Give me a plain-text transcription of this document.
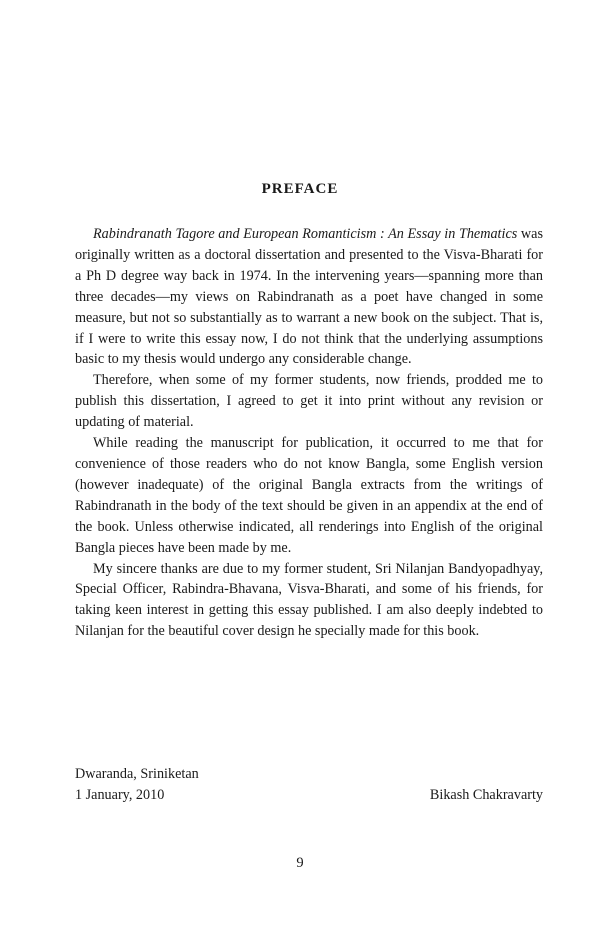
PREFACE

Rabindranath Tagore and European Romanticism : An Essay in Thematics was originally written as a doctoral dissertation and presented to the Visva-Bharati for a Ph D degree way back in 1974. In the intervening years—spanning more than three decades—my views on Rabindranath as a poet have changed in some measure, but not so substantially as to warrant a new book on the subject. That is, if I were to write this essay now, I do not think that the underlying assumptions basic to my thesis would undergo any considerable change.

Therefore, when some of my former students, now friends, prodded me to publish this dissertation, I agreed to get it into print without any revision or updating of material.

While reading the manuscript for publication, it occurred to me that for convenience of those readers who do not know Bangla, some English version (however inadequate) of the original Bangla extracts from the writings of Rabindranath in the body of the text should be given in an appendix at the end of the book. Unless otherwise indicated, all renderings into English of the original Bangla pieces have been made by me.

My sincere thanks are due to my former student, Sri Nilanjan Bandyopadhyay, Special Officer, Rabindra-Bhavana, Visva-Bharati, and some of his friends, for taking keen interest in getting this essay published. I am also deeply indebted to Nilanjan for the beautiful cover design he specially made for this book.

Dwaranda, Sriniketan
1 January, 2010	Bikash Chakravarty
9
